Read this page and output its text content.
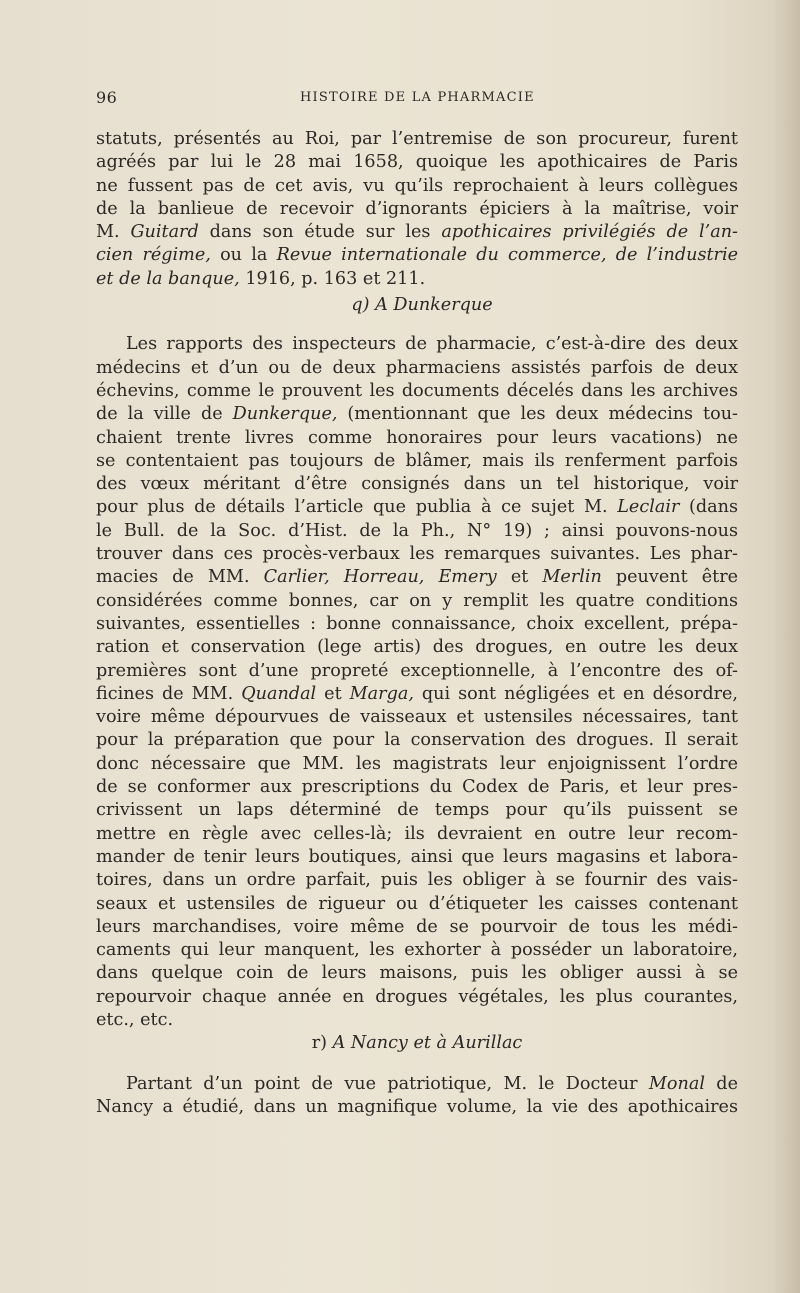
96	HISTOIRE DE LA PHARMACIE
statuts, présentés au Roi, par l’entremise de son procureur, furent
agréés par lui le 28 mai 1658, quoique les apothicaires de Paris
ne fussent pas de cet avis, vu qu’ils reprochaient à leurs collègues
de la banlieue de recevoir d’ignorants épiciers à la maîtrise, voir
M. Guitard dans son étude sur les apothicaires privilégiés de l’an-
cien régime, ou la Revue internationale du commerce, de l’industrie
et de la banque, 1916, p. 163 et 211.
q) A Dunkerque
Les rapports des inspecteurs de pharmacie, c’est-à-dire des deux
médecins et d’un ou de deux pharmaciens assistés parfois de deux
échevins, comme le prouvent les documents décelés dans les archives
de la ville de Dunkerque, (mentionnant que les deux médecins tou-
chaient trente livres comme honoraires pour leurs vacations) ne
se contentaient pas toujours de blâmer, mais ils renferment parfois
des vœux méritant d’être consignés dans un tel historique, voir
pour plus de détails l’article que publia à ce sujet M. Leclair (dans
le Bull. de la Soc. d’Hist. de la Ph., N° 19) ; ainsi pouvons-nous
trouver dans ces procès-verbaux les remarques suivantes. Les phar-
macies de MM. Carlier, Horreau, Emery et Merlin peuvent être
considérées comme bonnes, car on y remplit les quatre conditions
suivantes, essentielles : bonne connaissance, choix excellent, prépa-
ration et conservation (lege artis) des drogues, en outre les deux
premières sont d’une propreté exceptionnelle, à l’encontre des of-
ficines de MM. Quandal et Marga, qui sont négligées et en désordre,
voire même dépourvues de vaisseaux et ustensiles nécessaires, tant
pour la préparation que pour la conservation des drogues. Il serait
donc nécessaire que MM. les magistrats leur enjoignissent l’ordre
de se conformer aux prescriptions du Codex de Paris, et leur pres-
crivissent un laps déterminé de temps pour qu’ils puissent se
mettre en règle avec celles-là; ils devraient en outre leur recom-
mander de tenir leurs boutiques, ainsi que leurs magasins et labora-
toires, dans un ordre parfait, puis les obliger à se fournir des vais-
seaux et ustensiles de rigueur ou d’étiqueter les caisses contenant
leurs marchandises, voire même de se pourvoir de tous les médi-
caments qui leur manquent, les exhorter à posséder un laboratoire,
dans quelque coin de leurs maisons, puis les obliger aussi à se
repourvoir chaque année en drogues végétales, les plus courantes,
etc., etc.
r) A Nancy et à Aurillac
Partant d’un point de vue patriotique, M. le Docteur Monal de
Nancy a étudié, dans un magnifique volume, la vie des apothicaires
